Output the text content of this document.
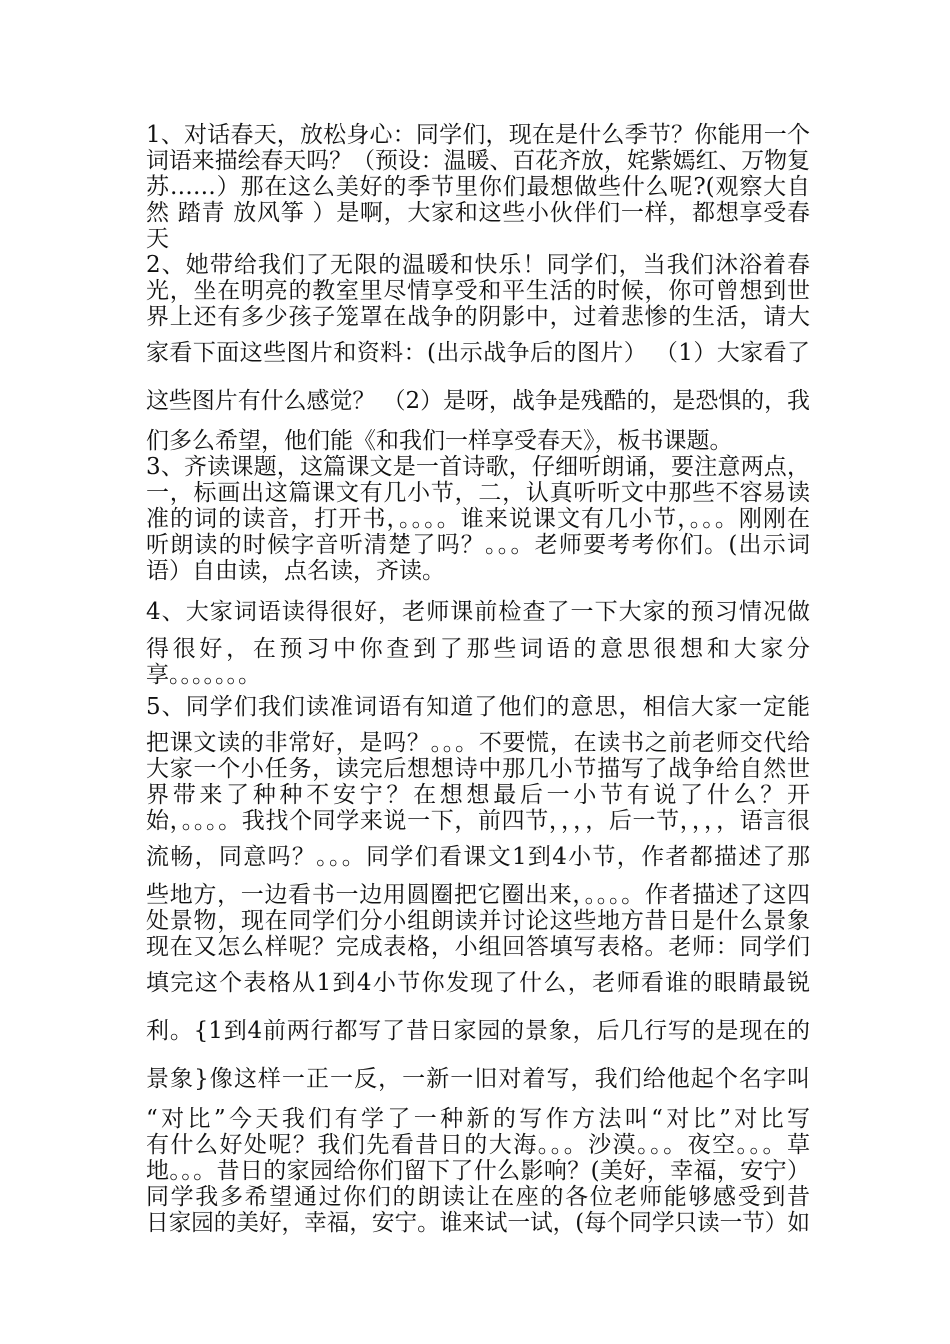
1、对话春天，放松身心：同学们，现在是什么季节？你能用一个
词语来描绘春天吗？（预设：温暖、百花齐放，姹紫嫣红、万物复
苏……）那在这么美好的季节里你们最想做些什么呢?(观察大自
然 踏青 放风筝 ）是啊，大家和这些小伙伴们一样，都想享受春
天
2、她带给我们了无限的温暖和快乐！同学们，当我们沐浴着春
光，坐在明亮的教室里尽情享受和平生活的时候，你可曾想到世
界上还有多少孩子笼罩在战争的阴影中，过着悲惨的生活，请大
家看下面这些图片和资料：(出示战争后的图片） （1）大家看了
这些图片有什么感觉？ （2）是呀，战争是残酷的，是恐惧的，我
们多么希望，他们能《和我们一样享受春天》，板书课题。
3、齐读课题，这篇课文是一首诗歌，仔细听朗诵，要注意两点，
一，标画出这篇课文有几小节，二，认真听听文中那些不容易读
准的词的读音，打开书，。。。。谁来说课文有几小节，。。。刚刚在
听朗读的时候字音听清楚了吗？。。。老师要考考你们。(出示词
语）自由读，点名读，齐读。
4、大家词语读得很好，老师课前检查了一下大家的预习情况做
得很好，在预习中你查到了那些词语的意思很想和大家分
享。。。。。。。
5、同学们我们读准词语有知道了他们的意思，相信大家一定能
把课文读的非常好，是吗？。。。不要慌，在读书之前老师交代给
大家一个小任务，读完后想想诗中那几小节描写了战争给自然世
界带来了种种不安宁？在想想最后一小节有说了什么？开
始，。。。。我找个同学来说一下，前四节，，，，后一节，，，，语言很
流畅，同意吗？。。。同学们看课文1到4小节，作者都描述了那
些地方，一边看书一边用圆圈把它圈出来，。。。。作者描述了这四
处景物，现在同学们分小组朗读并讨论这些地方昔日是什么景象
现在又怎么样呢？完成表格，小组回答填写表格。老师：同学们
填完这个表格从1到4小节你发现了什么，老师看谁的眼睛最锐
利。{1到4前两行都写了昔日家园的景象，后几行写的是现在的
景象}像这样一正一反，一新一旧对着写，我们给他起个名字叫
“对比”今天我们有学了一种新的写作方法叫“对比”对比写
有什么好处呢？我们先看昔日的大海。。。沙漠。。。夜空。。。草
地。。。昔日的家园给你们留下了什么影响？(美好，幸福，安宁）
同学我多希望通过你们的朗读让在座的各位老师能够感受到昔
日家园的美好，幸福，安宁。谁来试一试，(每个同学只读一节）如
